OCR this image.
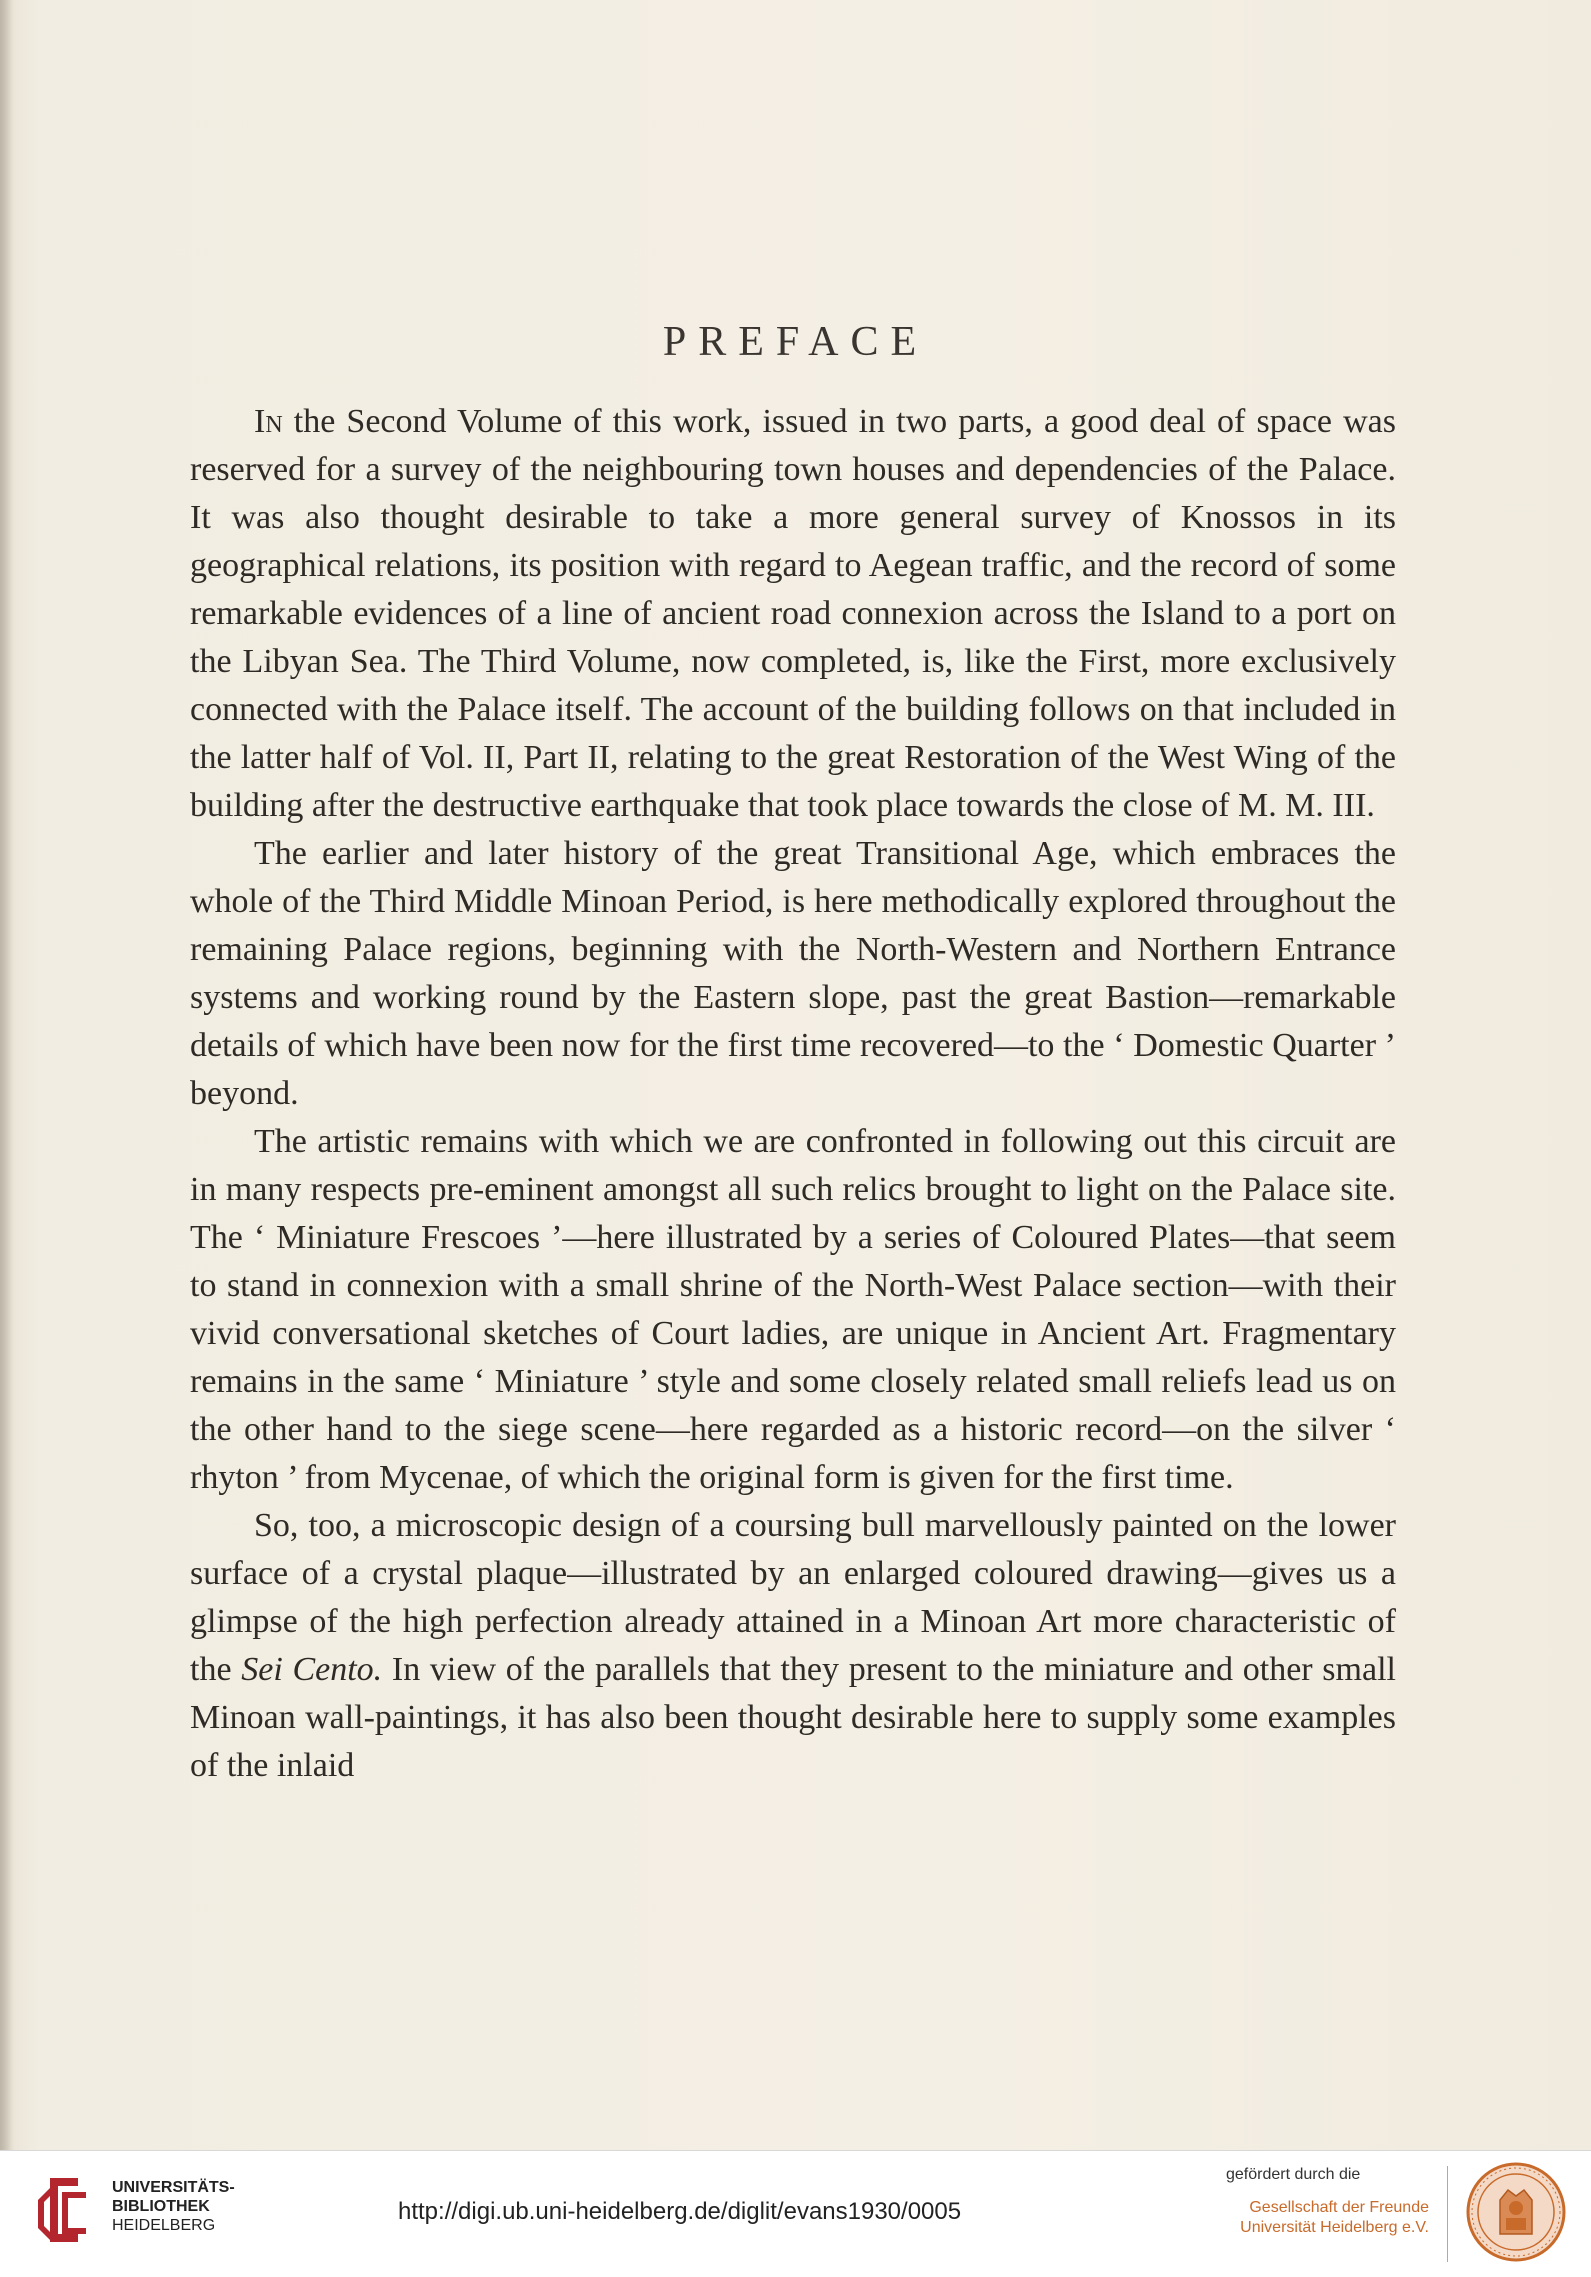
PREFACE

In the Second Volume of this work, issued in two parts, a good deal of space was reserved for a survey of the neighbouring town houses and dependencies of the Palace. It was also thought desirable to take a more general survey of Knossos in its geographical relations, its position with regard to Aegean traffic, and the record of some remarkable evidences of a line of ancient road connexion across the Island to a port on the Libyan Sea. The Third Volume, now completed, is, like the First, more exclusively connected with the Palace itself. The account of the building follows on that included in the latter half of Vol. II, Part II, relating to the great Restoration of the West Wing of the building after the destructive earthquake that took place towards the close of M. M. III.

The earlier and later history of the great Transitional Age, which embraces the whole of the Third Middle Minoan Period, is here methodically explored throughout the remaining Palace regions, beginning with the North-Western and Northern Entrance systems and working round by the Eastern slope, past the great Bastion—remarkable details of which have been now for the first time recovered—to the ‘ Domestic Quarter ’ beyond.

The artistic remains with which we are confronted in following out this circuit are in many respects pre-eminent amongst all such relics brought to light on the Palace site. The ‘ Miniature Frescoes ’—here illustrated by a series of Coloured Plates—that seem to stand in connexion with a small shrine of the North-West Palace section—with their vivid conversational sketches of Court ladies, are unique in Ancient Art. Fragmentary remains in the same ‘ Miniature ’ style and some closely related small reliefs lead us on the other hand to the siege scene—here regarded as a historic record—on the silver ‘ rhyton ’ from Mycenae, of which the original form is given for the first time.

So, too, a microscopic design of a coursing bull marvellously painted on the lower surface of a crystal plaque—illustrated by an enlarged coloured drawing—gives us a glimpse of the high perfection already attained in a Minoan Art more characteristic of the Sei Cento. In view of the parallels that they present to the miniature and other small Minoan wall-paintings, it has also been thought desirable here to supply some examples of the inlaid

UNIVERSITÄTS-
BIBLIOTHEK
HEIDELBERG
http://digi.ub.uni-heidelberg.de/diglit/evans1930/0005
gefördert durch die
Gesellschaft der Freunde
Universität Heidelberg e.V.
